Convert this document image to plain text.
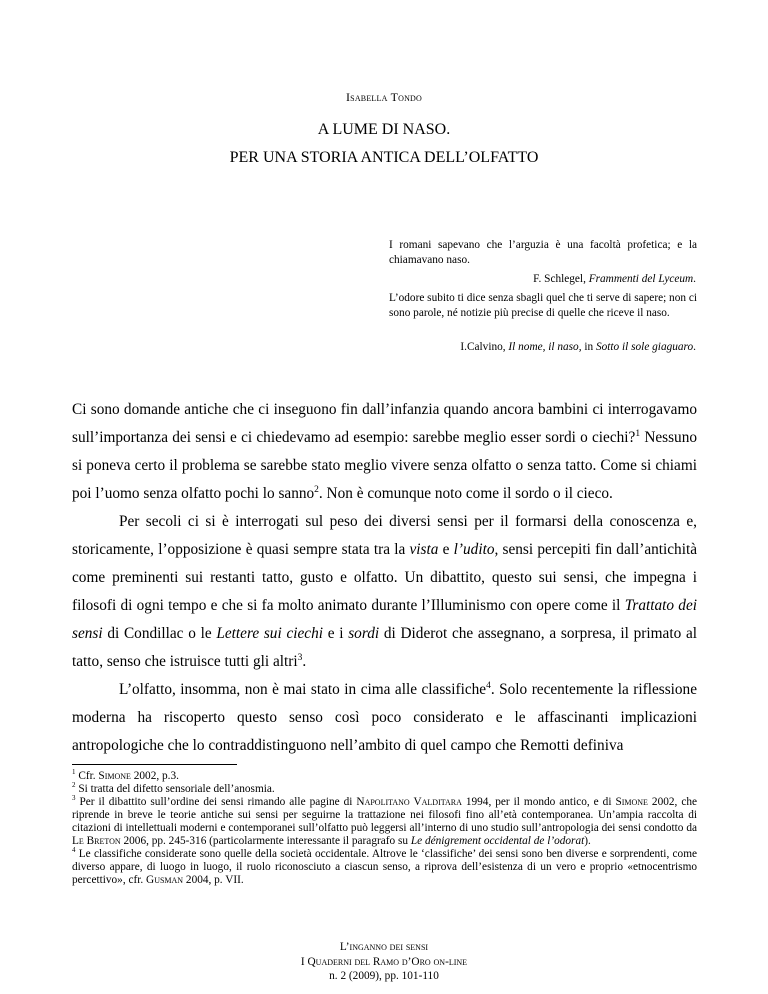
Isabella Tondo
A LUME DI NASO.
PER UNA STORIA ANTICA DELL’OLFATTO
I romani sapevano che l’arguzia è una facoltà profetica; e la chiamavano naso.
F. Schlegel, Frammenti del Lyceum.
L’odore subito ti dice senza sbagli quel che ti serve di sapere; non ci sono parole, né notizie più precise di quelle che riceve il naso.
I.Calvino, Il nome, il naso, in Sotto il sole giaguaro.

Ci sono domande antiche che ci inseguono fin dall’infanzia quando ancora bambini ci interrogavamo sull’importanza dei sensi e ci chiedevamo ad esempio: sarebbe meglio esser sordi o ciechi?$^1$ Nessuno si poneva certo il problema se sarebbe stato meglio vivere senza olfatto o senza tatto. Come si chiami poi l’uomo senza olfatto pochi lo sanno$^2$. Non è comunque noto come il sordo o il cieco.

Per secoli ci si è interrogati sul peso dei diversi sensi per il formarsi della conoscenza e, storicamente, l’opposizione è quasi sempre stata tra la vista e l’udito, sensi percepiti fin dall’antichità come preminenti sui restanti tatto, gusto e olfatto. Un dibattito, questo sui sensi, che impegna i filosofi di ogni tempo e che si fa molto animato durante l’Illuminismo con opere come il Trattato dei sensi di Condillac o le Lettere sui ciechi e i sordi di Diderot che assegnano, a sorpresa, il primato al tatto, senso che istruisce tutti gli altri$^3$.

L’olfatto, insomma, non è mai stato in cima alle classifiche$^4$. Solo recentemente la riflessione moderna ha riscoperto questo senso così poco considerato e le affascinanti implicazioni antropologiche che lo contraddistinguono nell’ambito di quel campo che Remotti definiva

$^1$ Cfr. Simone 2002, p.3.

$^2$ Si tratta del difetto sensoriale dell’anosmia.

$^3$ Per il dibattito sull’ordine dei sensi rimando alle pagine di Napolitano Valditara 1994, per il mondo antico, e di Simone 2002, che riprende in breve le teorie antiche sui sensi per seguirne la trattazione nei filosofi fino all’età contemporanea. Un’ampia raccolta di citazioni di intellettuali moderni e contemporanei sull’olfatto può leggersi all’interno di uno studio sull’antropologia dei sensi condotto da Le Breton 2006, pp. 245-316 (particolarmente interessante il paragrafo su Le dénigrement occidental de l’odorat).

$^4$ Le classifiche considerate sono quelle della società occidentale. Altrove le ‘classifiche’ dei sensi sono ben diverse e sorprendenti, come diverso appare, di luogo in luogo, il ruolo riconosciuto a ciascun senso, a riprova dell’esistenza di un vero e proprio «etnocentrismo percettivo», cfr. Gusman 2004, p. VII.

L’inganno dei sensi
I Quaderni del Ramo d’Oro on-line
n. 2 (2009), pp. 101-110
